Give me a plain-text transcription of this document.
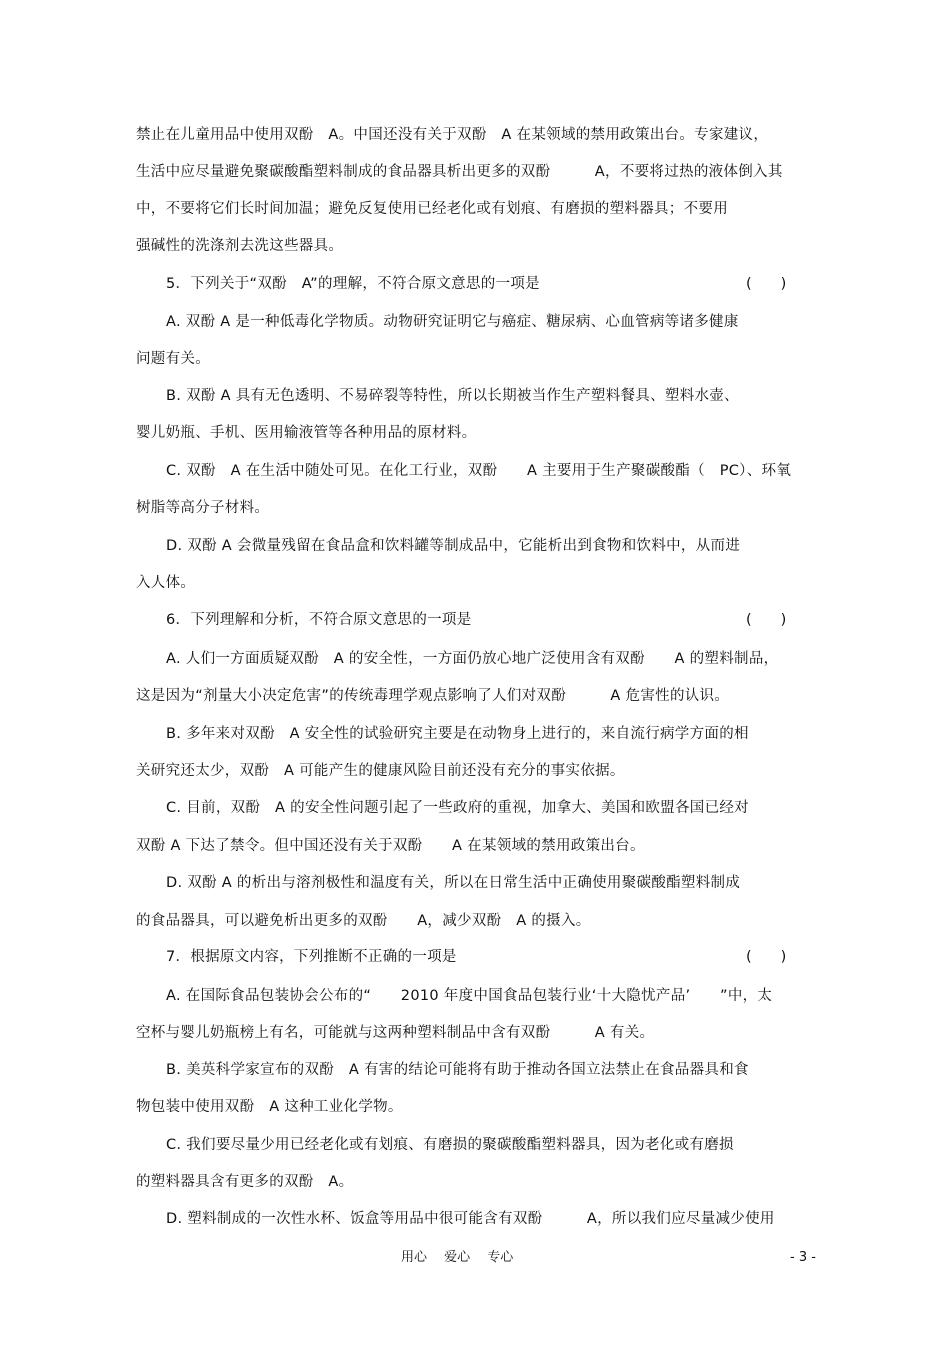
禁止在儿童用品中使用双酚　A。中国还没有关于双酚　A 在某领域的禁用政策出台。专家建议，
生活中应尽量避免聚碳酸酯塑料制成的食品器具析出更多的双酚　　　A，不要将过热的液体倒入其
中，不要将它们长时间加温；避免反复使用已经老化或有划痕、有磨损的塑料器具；不要用
强碱性的洗涤剂去洗这些器具。
5．下列关于“双酚　A”的理解，不符合原文意思的一项是	(　　)
A. 双酚 A 是一种低毒化学物质。动物研究证明它与癌症、糖尿病、心血管病等诸多健康
问题有关。
B. 双酚 A 具有无色透明、不易碎裂等特性，所以长期被当作生产塑料餐具、塑料水壶、
婴儿奶瓶、手机、医用输液管等各种用品的原材料。
C. 双酚　A 在生活中随处可见。在化工行业，双酚　　A 主要用于生产聚碳酸酯（　PC）、环氧
树脂等高分子材料。
D. 双酚 A 会微量残留在食品盒和饮料罐等制成品中，它能析出到食物和饮料中，从而进
入人体。
6．下列理解和分析，不符合原文意思的一项是	(　　)
A. 人们一方面质疑双酚　A 的安全性，一方面仍放心地广泛使用含有双酚　　A 的塑料制品，
这是因为“剂量大小决定危害”的传统毒理学观点影响了人们对双酚　　　A 危害性的认识。
B. 多年来对双酚　A 安全性的试验研究主要是在动物身上进行的，来自流行病学方面的相
关研究还太少，双酚　A 可能产生的健康风险目前还没有充分的事实依据。
C. 目前，双酚　A 的安全性问题引起了一些政府的重视，加拿大、美国和欧盟各国已经对
双酚 A 下达了禁令。但中国还没有关于双酚　　A 在某领域的禁用政策出台。
D. 双酚 A 的析出与溶剂极性和温度有关，所以在日常生活中正确使用聚碳酸酯塑料制成
的食品器具，可以避免析出更多的双酚　　A，减少双酚　A 的摄入。
7．根据原文内容，下列推断不正确的一项是	(　　)
A. 在国际食品包装协会公布的“　　2010 年度中国食品包装行业‘十大隐忧产品’　　”中，太
空杯与婴儿奶瓶榜上有名，可能就与这两种塑料制品中含有双酚　　　A 有关。
B. 美英科学家宣布的双酚　A 有害的结论可能将有助于推动各国立法禁止在食品器具和食
物包装中使用双酚　A 这种工业化学物。
C. 我们要尽量少用已经老化或有划痕、有磨损的聚碳酸酯塑料器具，因为老化或有磨损
的塑料器具含有更多的双酚　A。
D. 塑料制成的一次性水杯、饭盒等用品中很可能含有双酚　　　A，所以我们应尽量减少使用
用心　 爱心　 专心	- 3 -
